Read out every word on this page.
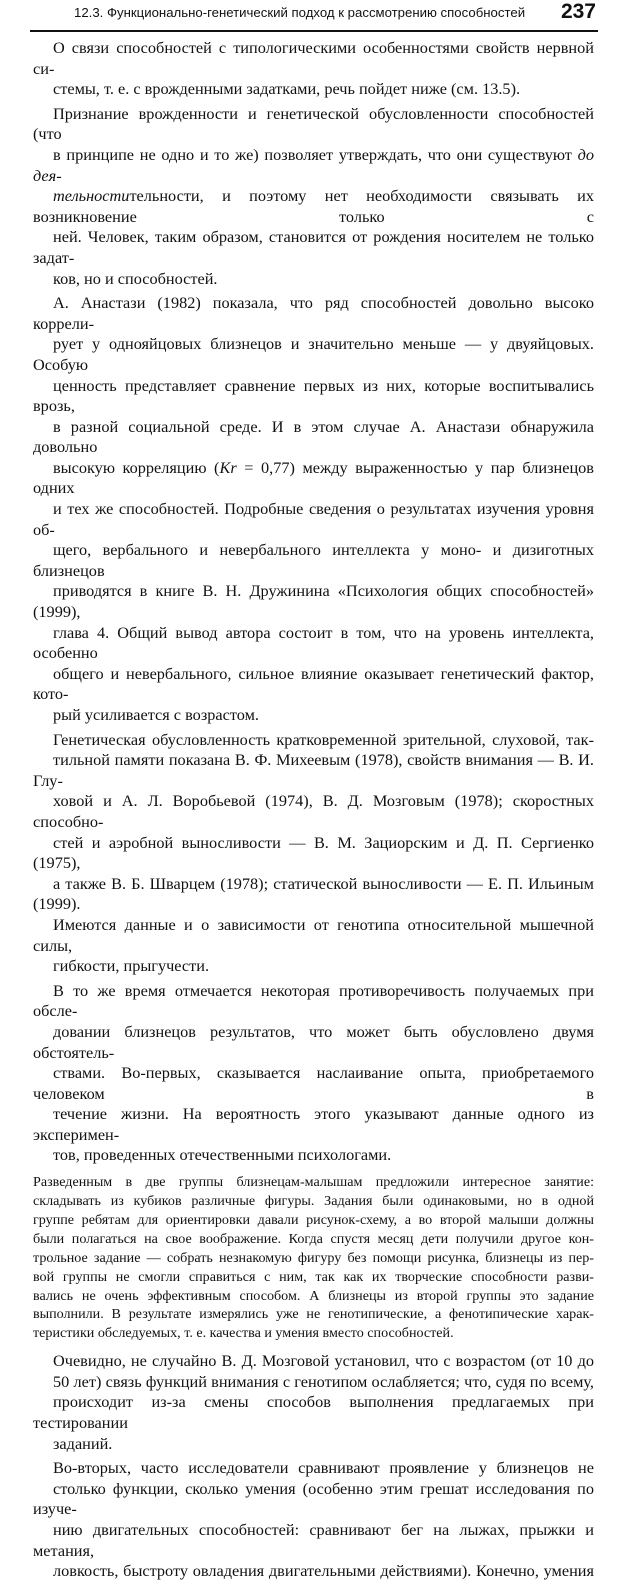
12.3. Функционально-генетический подход к рассмотрению способностей 237

О связи способностей с типологическими особенностями свойств нервной си-
стемы, т. е. с врожденными задатками, речь пойдет ниже (см. 13.5).

Признание врожденности и генетической обусловленности способностей (что
в принципе не одно и то же) позволяет утверждать, что они существуют до дея-
тельностительности, и поэтому нет необходимости связывать их возникновение только с
ней. Человек, таким образом, становится от рождения носителем не только задат-
ков, но и способностей.

А. Анастази (1982) показала, что ряд способностей довольно высоко коррели-
рует у однояйцовых близнецов и значительно меньше — у двуяйцовых. Особую
ценность представляет сравнение первых из них, которые воспитывались врозь,
в разной социальной среде. И в этом случае А. Анастази обнаружила довольно
высокую корреляцию (Kr = 0,77) между выраженностью у пар близнецов одних
и тех же способностей. Подробные сведения о результатах изучения уровня об-
щего, вербального и невербального интеллекта у моно- и дизиготных близнецов
приводятся в книге В. Н. Дружинина «Психология общих способностей» (1999),
глава 4. Общий вывод автора состоит в том, что на уровень интеллекта, особенно
общего и невербального, сильное влияние оказывает генетический фактор, кото-
рый усиливается с возрастом.

Генетическая обусловленность кратковременной зрительной, слуховой, так-
тильной памяти показана В. Ф. Михеевым (1978), свойств внимания — В. И. Глу-
ховой и А. Л. Воробьевой (1974), В. Д. Мозговым (1978); скоростных способно-
стей и аэробной выносливости — В. М. Зациорским и Д. П. Сергиенко (1975),
а также В. Б. Шварцем (1978); статической выносливости — Е. П. Ильиным (1999).
Имеются данные и о зависимости от генотипа относительной мышечной силы,
гибкости, прыгучести.

В то же время отмечается некоторая противоречивость получаемых при обсле-
довании близнецов результатов, что может быть обусловлено двумя обстоятель-
ствами. Во-первых, сказывается наслаивание опыта, приобретаемого человеком в
течение жизни. На вероятность этого указывают данные одного из эксперимен-
тов, проведенных отечественными психологами.

Разведенным в две группы близнецам-малышам предложили интересное занятие:
складывать из кубиков различные фигуры. Задания были одинаковыми, но в одной
группе ребятам для ориентировки давали рисунок-схему, а во второй малыши должны
были полагаться на свое воображение. Когда спустя месяц дети получили другое кон-
трольное задание — собрать незнакомую фигуру без помощи рисунка, близнецы из пер-
вой группы не смогли справиться с ним, так как их творческие способности разви-
вались не очень эффективным способом. А близнецы из второй группы это задание
выполнили. В результате измерялись уже не генотипические, а фенотипические харак-
теристики обследуемых, т. е. качества и умения вместо способностей.

Очевидно, не случайно В. Д. Мозговой установил, что с возрастом (от 10 до
50 лет) связь функций внимания с генотипом ослабляется; что, судя по всему,
происходит из-за смены способов выполнения предлагаемых при тестировании
заданий.

Во-вторых, часто исследователи сравнивают проявление у близнецов не
столько функции, сколько умения (особенно этим грешат исследования по изучe-
нию двигательных способностей: сравнивают бег на лыжах, прыжки и метания,
ловкость, быстроту овладения двигательными действиями). Конечно, умения
